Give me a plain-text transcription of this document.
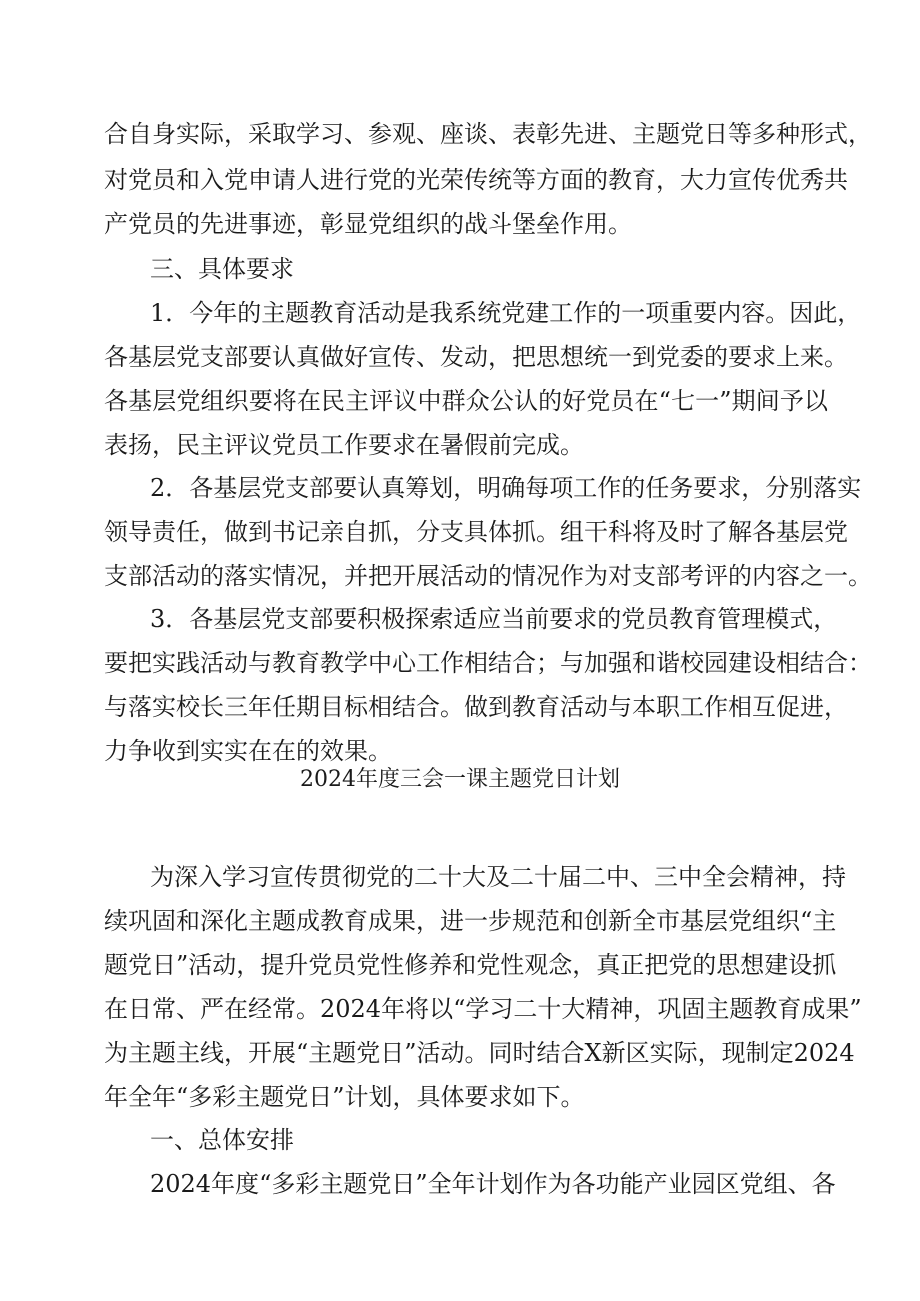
合自身实际，采取学习、参观、座谈、表彰先进、主题党日等多种形式，
对党员和入党申请人进行党的光荣传统等方面的教育，大力宣传优秀共
产党员的先进事迹，彰显党组织的战斗堡垒作用。
三、具体要求
1．今年的主题教育活动是我系统党建工作的一项重要内容。因此，
各基层党支部要认真做好宣传、发动，把思想统一到党委的要求上来。
各基层党组织要将在民主评议中群众公认的好党员在“七一”期间予以
表扬，民主评议党员工作要求在暑假前完成。
2．各基层党支部要认真筹划，明确每项工作的任务要求，分别落实
领导责任，做到书记亲自抓，分支具体抓。组干科将及时了解各基层党
支部活动的落实情况，并把开展活动的情况作为对支部考评的内容之一。
3．各基层党支部要积极探索适应当前要求的党员教育管理模式，
要把实践活动与教育教学中心工作相结合；与加强和谐校园建设相结合：
与落实校长三年任期目标相结合。做到教育活动与本职工作相互促进，
力争收到实实在在的效果。
2024年度三会一课主题党日计划
为深入学习宣传贯彻党的二十大及二十届二中、三中全会精神，持
续巩固和深化主题成教育成果，进一步规范和创新全市基层党组织“主
题党日”活动，提升党员党性修养和党性观念，真正把党的思想建设抓
在日常、严在经常。2024年将以“学习二十大精神，巩固主题教育成果”
为主题主线，开展“主题党日”活动。同时结合X新区实际，现制定2024
年全年“多彩主题党日”计划，具体要求如下。
一、总体安排
2024年度“多彩主题党日”全年计划作为各功能产业园区党组、各
